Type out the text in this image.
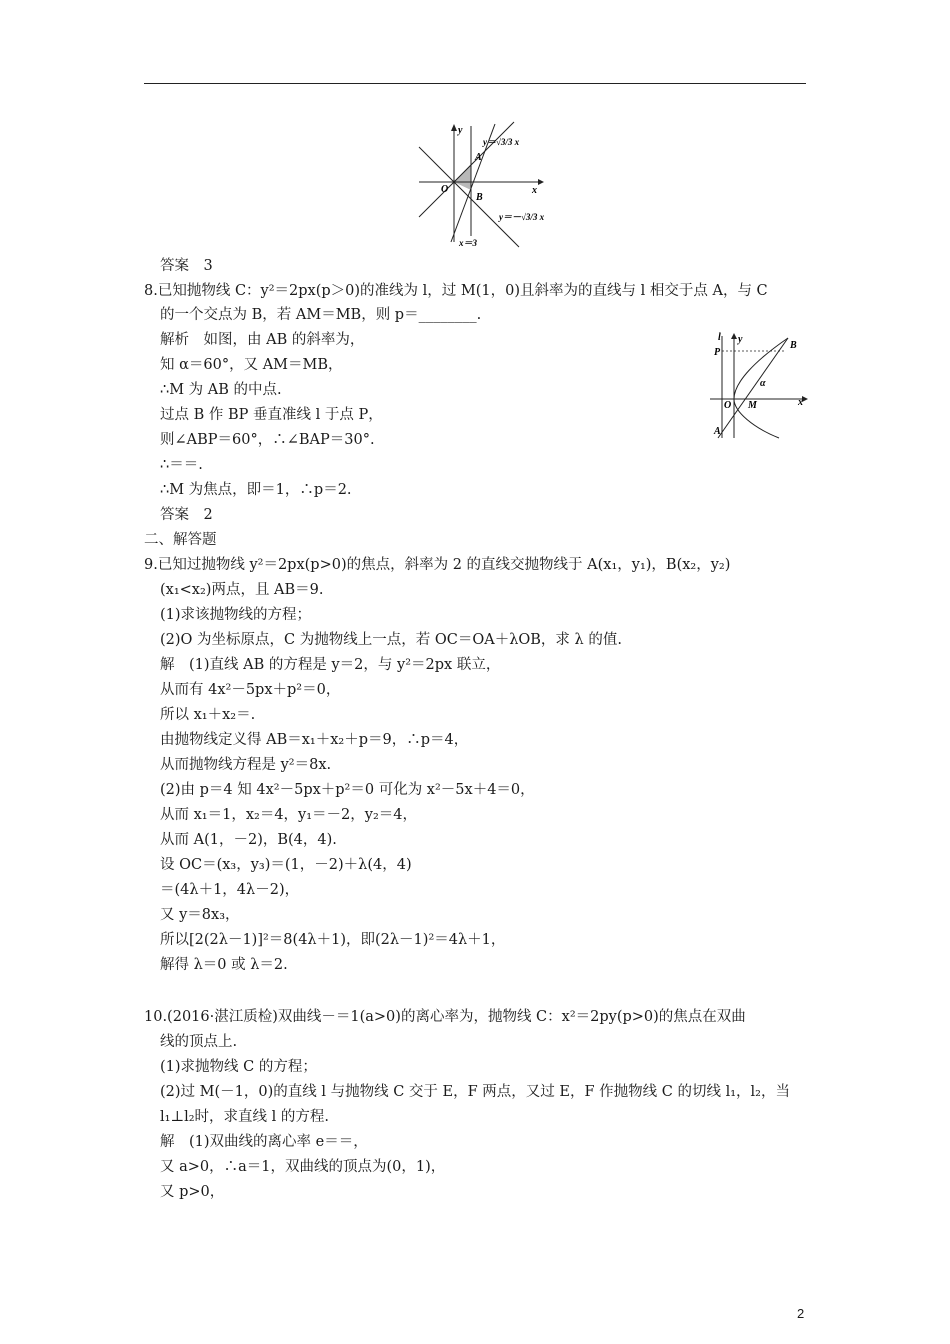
y
x
O
A
B
y＝√3/3 x
y＝－√3/3 x
x＝3
l y
P
B
α
O M	x
A
答案　3
8.已知抛物线 C：y²＝2px(p＞0)的准线为 l，过 M(1，0)且斜率为的直线与 l 相交于点 A，与 C
的一个交点为 B，若 AM＝MB，则 p＝________.
解析　如图，由 AB 的斜率为，
知 α＝60°，又 AM＝MB，
∴M 为 AB 的中点.
过点 B 作 BP 垂直准线 l 于点 P，
则∠ABP＝60°，∴∠BAP＝30°.
∴＝＝.
∴M 为焦点，即＝1，∴p＝2.
答案　2
二、解答题
9.已知过抛物线 y²＝2px(p>0)的焦点，斜率为 2 的直线交抛物线于 A(x₁，y₁)，B(x₂，y₂)
(x₁<x₂)两点，且 AB＝9.
(1)求该抛物线的方程；
(2)O 为坐标原点，C 为抛物线上一点，若 OC＝OA＋λOB，求 λ 的值.
解　(1)直线 AB 的方程是 y＝2，与 y²＝2px 联立，
从而有 4x²－5px＋p²＝0，
所以 x₁＋x₂＝.
由抛物线定义得 AB＝x₁＋x₂＋p＝9，∴p＝4，
从而抛物线方程是 y²＝8x.
(2)由 p＝4 知 4x²－5px＋p²＝0 可化为 x²－5x＋4＝0，
从而 x₁＝1，x₂＝4，y₁＝－2，y₂＝4，
从而 A(1，－2)，B(4，4).
设 OC＝(x₃，y₃)＝(1，－2)＋λ(4，4)
＝(4λ＋1，4λ－2)，
又 y＝8x₃，
所以[2(2λ－1)]²＝8(4λ＋1)，即(2λ－1)²＝4λ＋1，
解得 λ＝0 或 λ＝2.
10.(2016·湛江质检)双曲线－＝1(a>0)的离心率为，抛物线 C：x²＝2py(p>0)的焦点在双曲
线的顶点上.
(1)求抛物线 C 的方程；
(2)过 M(－1，0)的直线 l 与抛物线 C 交于 E，F 两点，又过 E，F 作抛物线 C 的切线 l₁，l₂，当
l₁⊥l₂时，求直线 l 的方程.
解　(1)双曲线的离心率 e＝＝，
又 a>0，∴a＝1，双曲线的顶点为(0，1)，
又 p>0，
2
